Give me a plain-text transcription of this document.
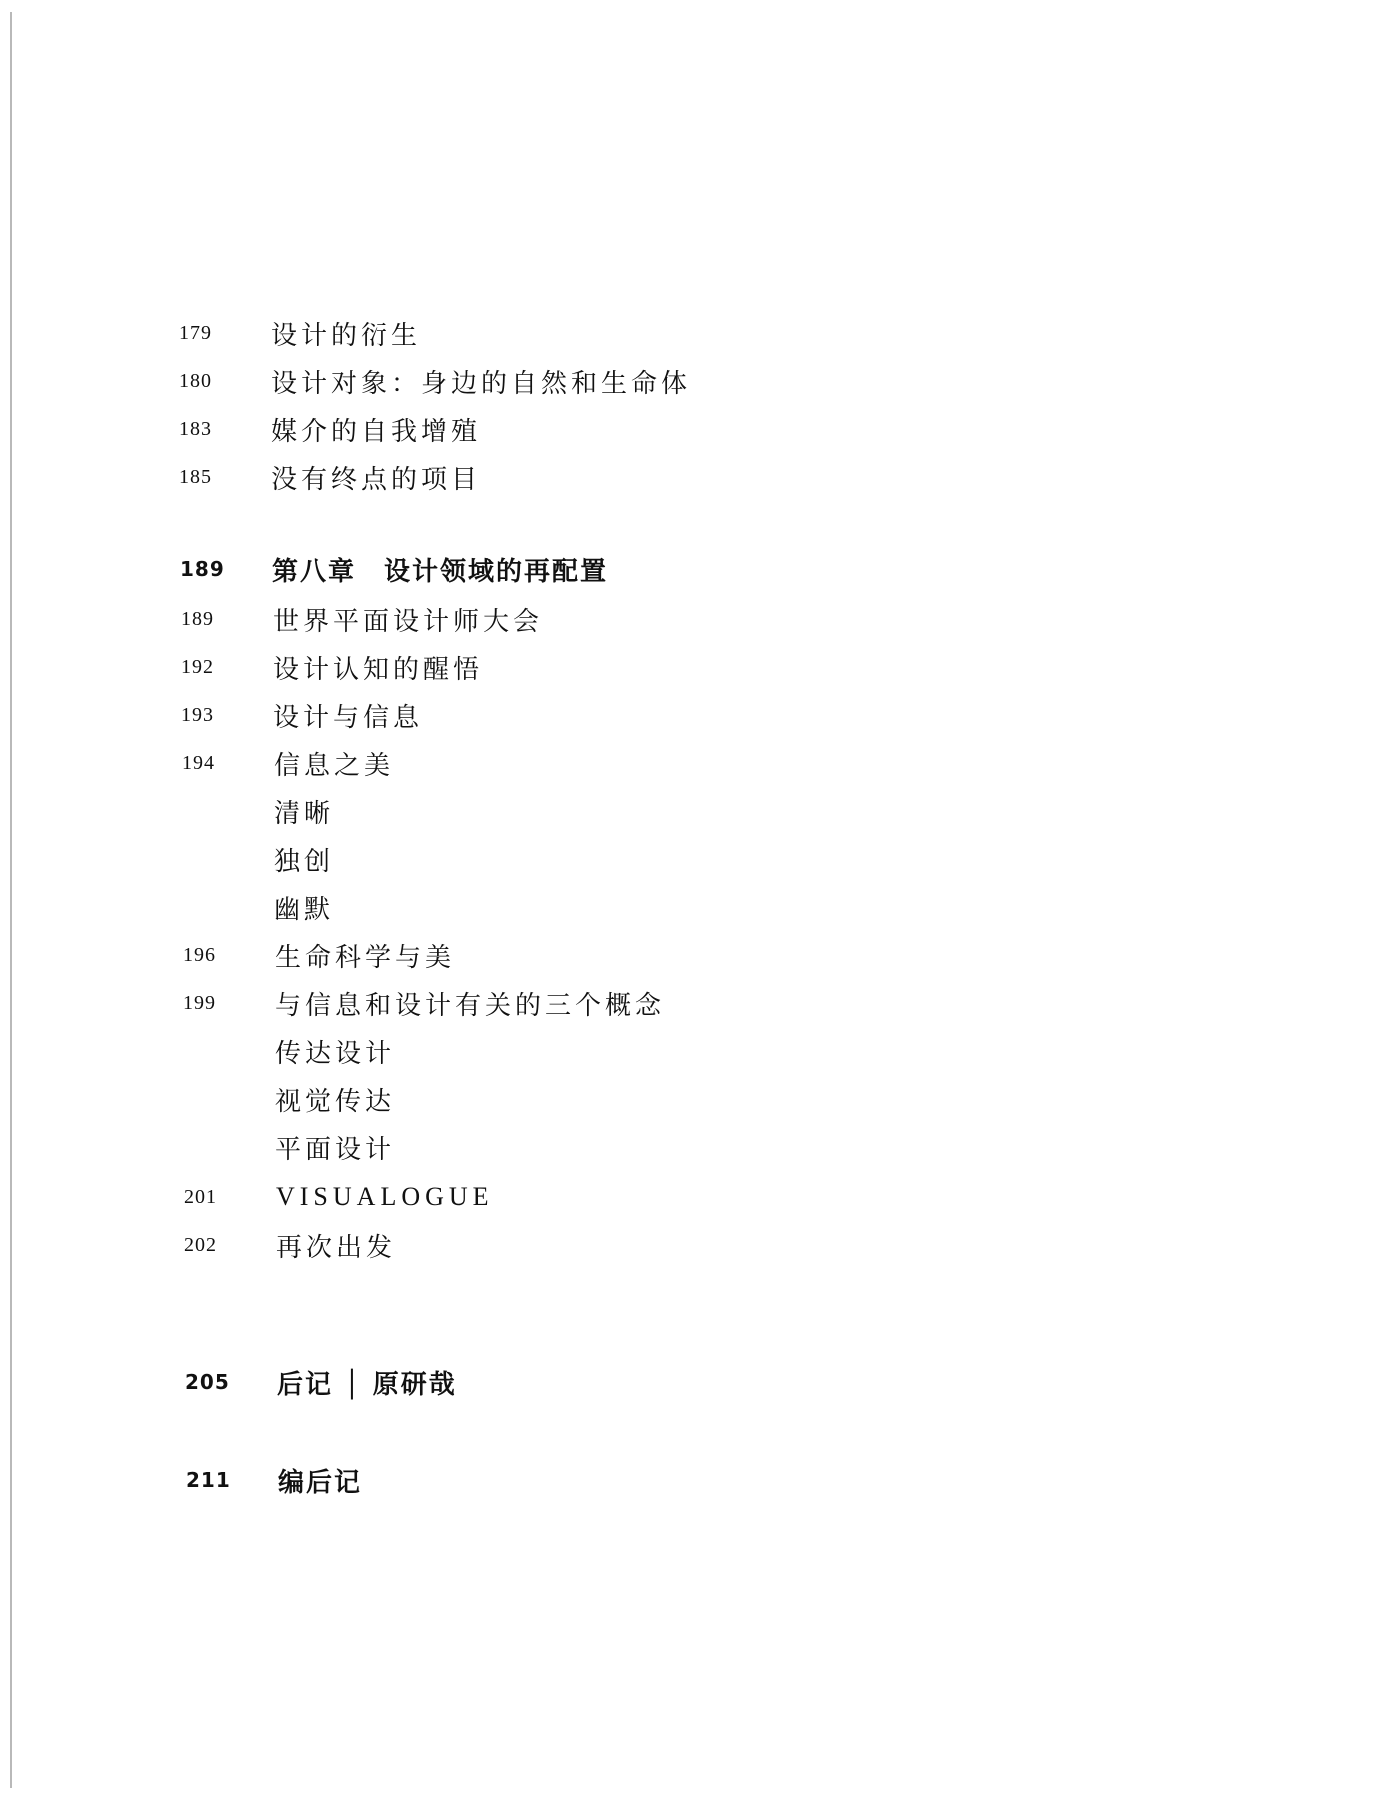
179	设计的衍生
180	设计对象：身边的自然和生命体
183	媒介的自我增殖
185	没有终点的项目
189	第八章　设计领域的再配置
189	世界平面设计师大会
192	设计认知的醒悟
193	设计与信息
194	信息之美
清晰
独创
幽默
196	生命科学与美
199	与信息和设计有关的三个概念
传达设计
视觉传达
平面设计
201	VISUALOGUE
202	再次出发
205	后记 │ 原研哉
211	编后记
